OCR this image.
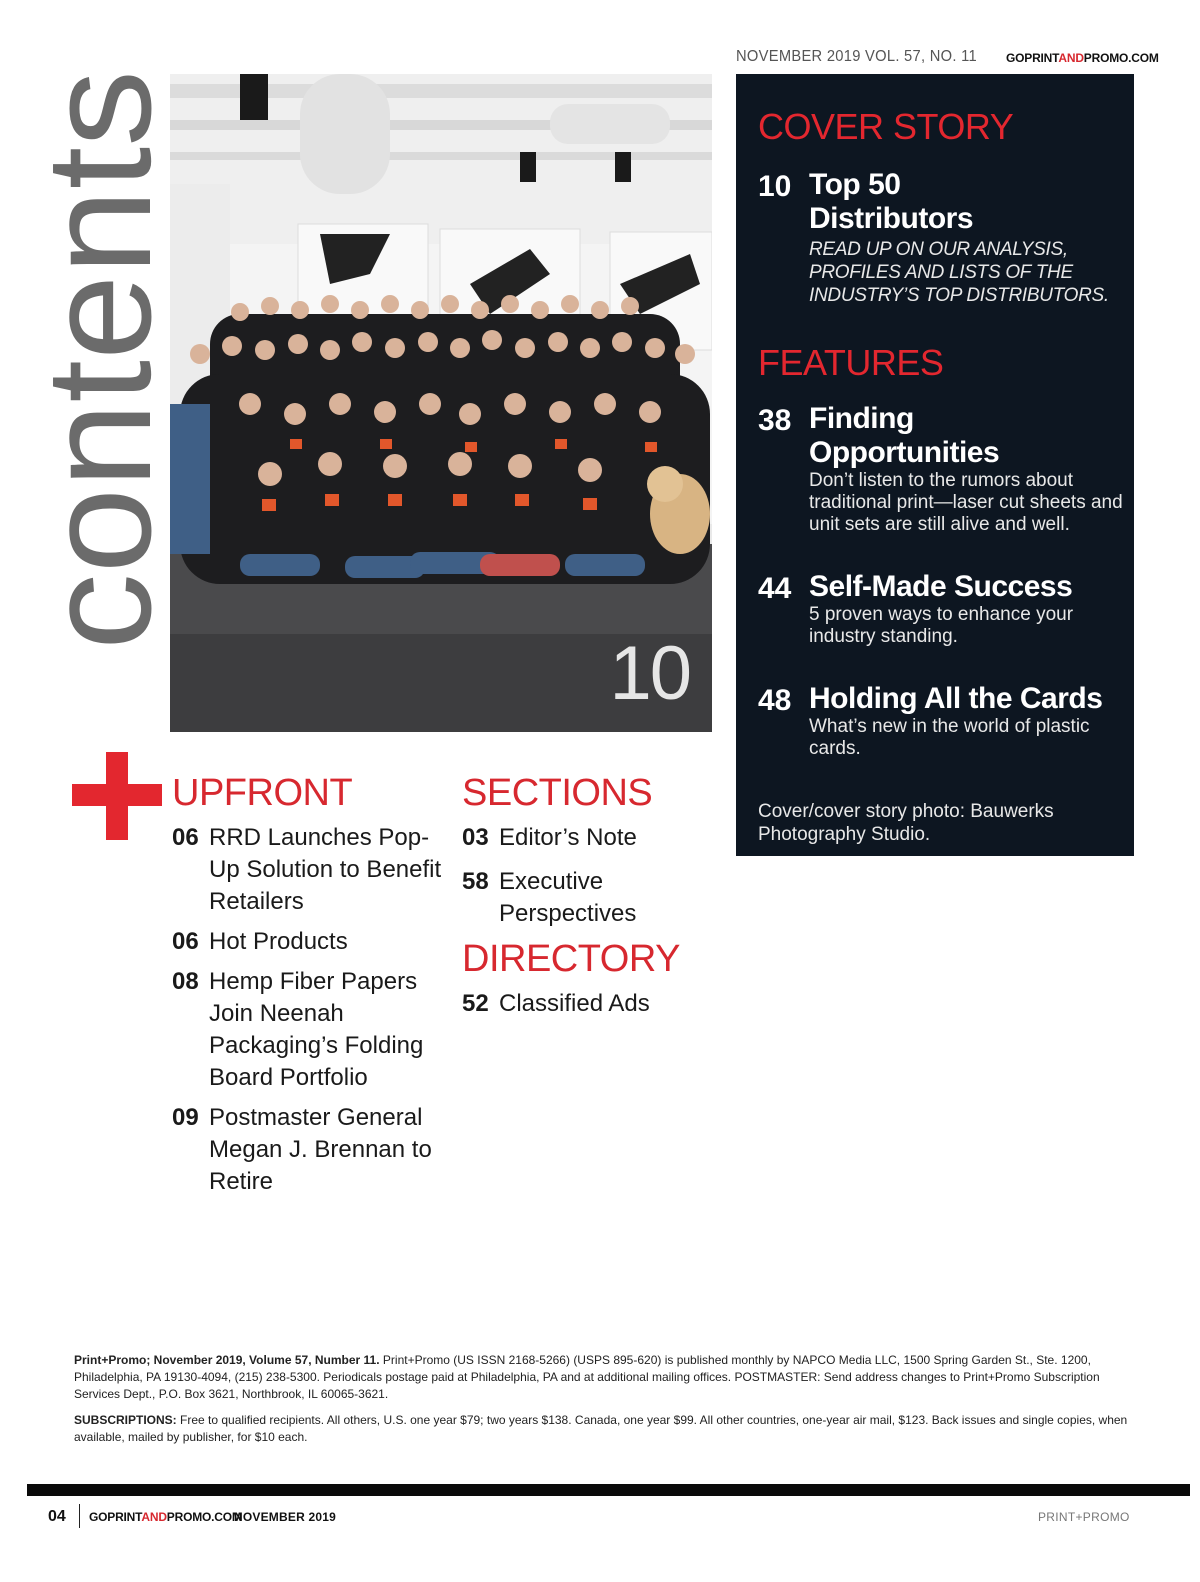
contents
NOVEMBER 2019 VOL. 57, NO. 11 GOPRINTANDPROMO.COM
10
COVER STORY
10 Top 50
Distributors
READ UP ON OUR ANALYSIS, PROFILES AND LISTS OF THE INDUSTRY’S TOP DISTRIBUTORS.
FEATURES
38 Finding
Opportunities
Don’t listen to the rumors about traditional print—laser cut sheets and unit sets are still alive and well.
44 Self-Made Success
5 proven ways to enhance your industry standing.
48 Holding All the Cards
What’s new in the world of plastic cards.
Cover/cover story photo: Bauwerks Photography Studio.
UPFRONT
06 RRD Launches Pop-Up Solution to Benefit Retailers
06 Hot Products
08 Hemp Fiber Papers Join Neenah Packaging’s Folding Board Portfolio
09 Postmaster General Megan J. Brennan to Retire
SECTIONS
03 Editor’s Note
58 Executive Perspectives
DIRECTORY
52 Classified Ads
Print+Promo; November 2019, Volume 57, Number 11. Print+Promo (US ISSN 2168-5266) (USPS 895-620) is published monthly by NAPCO Media LLC, 1500 Spring Garden St., Ste. 1200, Philadelphia, PA 19130-4094, (215) 238-5300. Periodicals postage paid at Philadelphia, PA and at additional mailing offices. POSTMASTER: Send address changes to Print+Promo Subscription Services Dept., P.O. Box 3621, Northbrook, IL 60065-3621.
SUBSCRIPTIONS: Free to qualified recipients. All others, U.S. one year $79; two years $138. Canada, one year $99. All other countries, one-year air mail, $123. Back issues and single copies, when available, mailed by publisher, for $10 each.
04 GOPRINTANDPROMO.COM
NOVEMBER 2019	PRINT+PROMO
